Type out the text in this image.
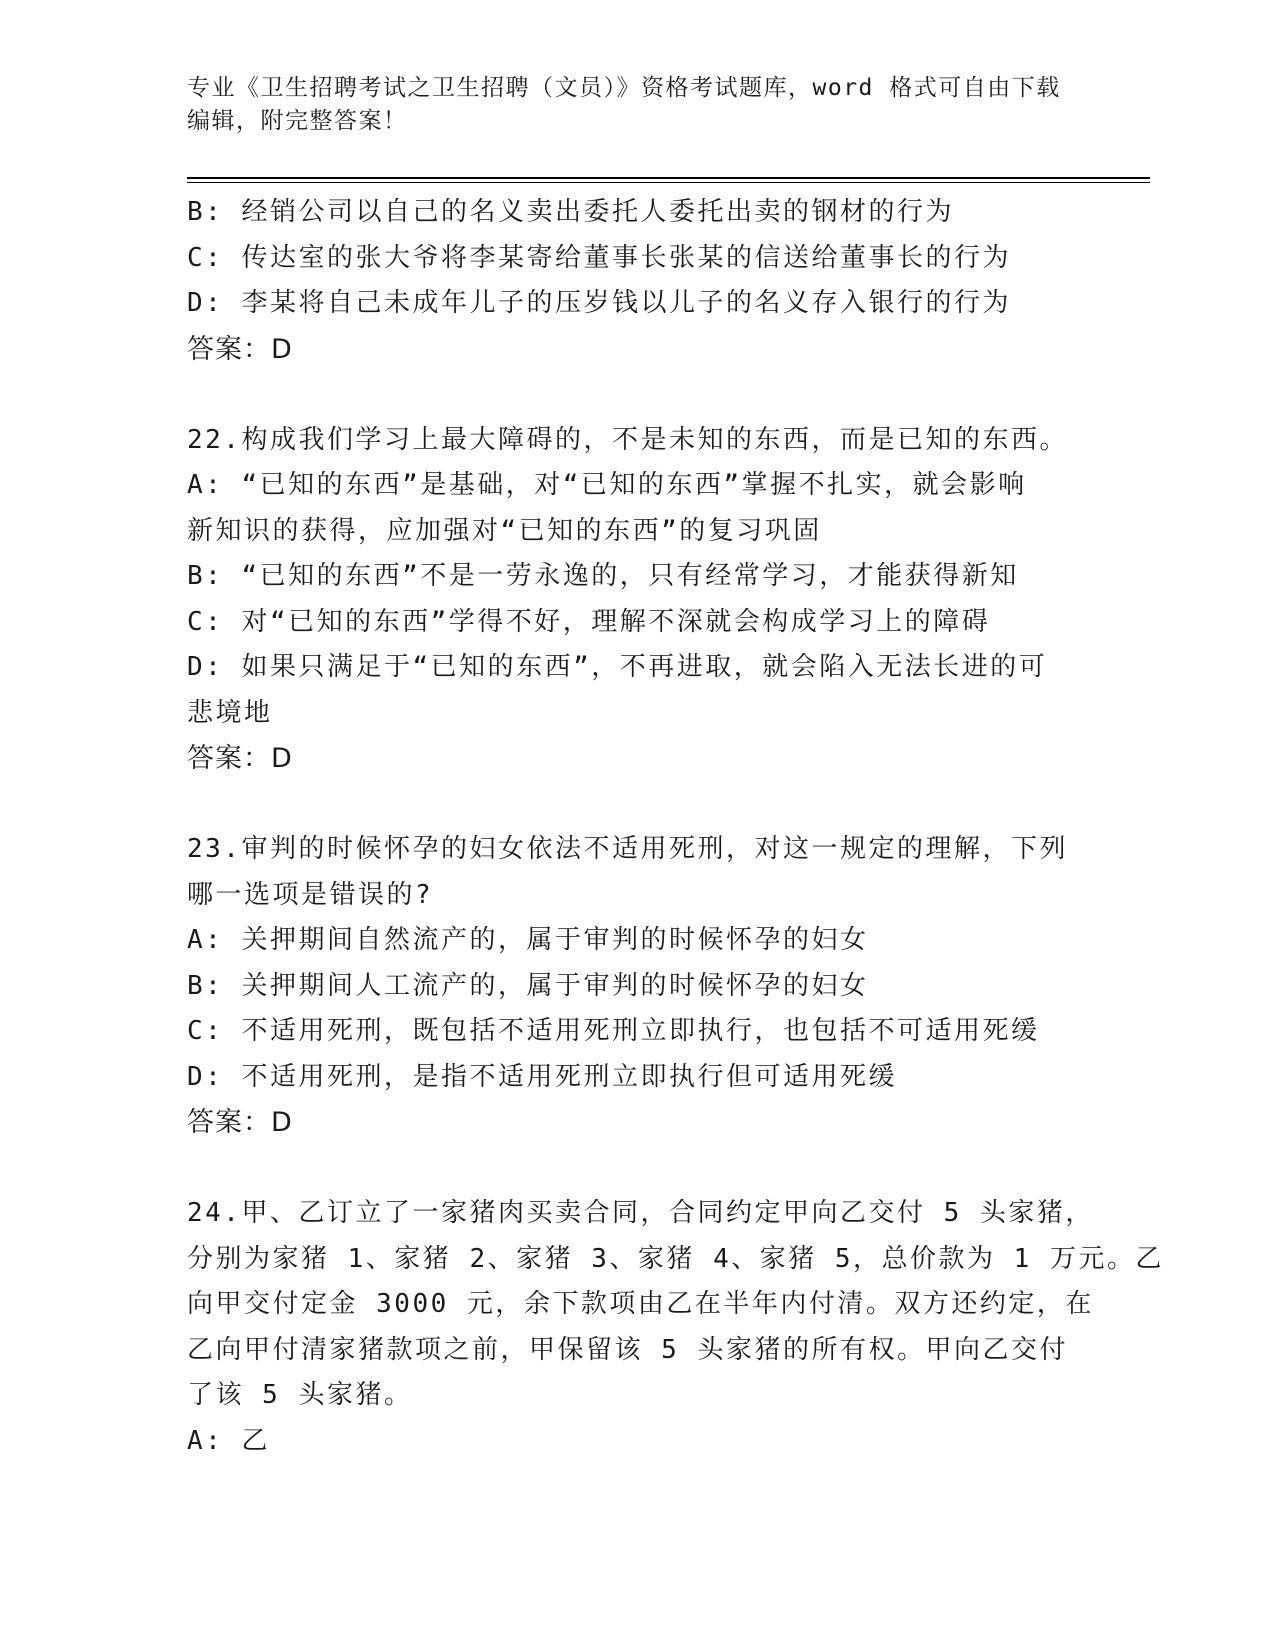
专业《卫生招聘考试之卫生招聘（文员）》资格考试题库，word 格式可自由下载
编辑，附完整答案！
B: 经销公司以自己的名义卖出委托人委托出卖的钢材的行为
C: 传达室的张大爷将李某寄给董事长张某的信送给董事长的行为
D: 李某将自己未成年儿子的压岁钱以儿子的名义存入银行的行为
答案：D
22.构成我们学习上最大障碍的，不是未知的东西，而是已知的东西。
A: “已知的东西”是基础，对“已知的东西”掌握不扎实，就会影响
新知识的获得，应加强对“已知的东西”的复习巩固
B: “已知的东西”不是一劳永逸的，只有经常学习，才能获得新知
C: 对“已知的东西”学得不好，理解不深就会构成学习上的障碍
D: 如果只满足于“已知的东西”，不再进取，就会陷入无法长进的可
悲境地
答案：D
23.审判的时候怀孕的妇女依法不适用死刑，对这一规定的理解，下列
哪一选项是错误的?
A: 关押期间自然流产的，属于审判的时候怀孕的妇女
B: 关押期间人工流产的，属于审判的时候怀孕的妇女
C: 不适用死刑，既包括不适用死刑立即执行，也包括不可适用死缓
D: 不适用死刑，是指不适用死刑立即执行但可适用死缓
答案：D
24.甲、乙订立了一家猪肉买卖合同，合同约定甲向乙交付 5 头家猪，
分别为家猪 1、家猪 2、家猪 3、家猪 4、家猪 5，总价款为 1 万元。乙
向甲交付定金 3000 元，余下款项由乙在半年内付清。双方还约定，在
乙向甲付清家猪款项之前，甲保留该 5 头家猪的所有权。甲向乙交付
了该 5 头家猪。
A: 乙
